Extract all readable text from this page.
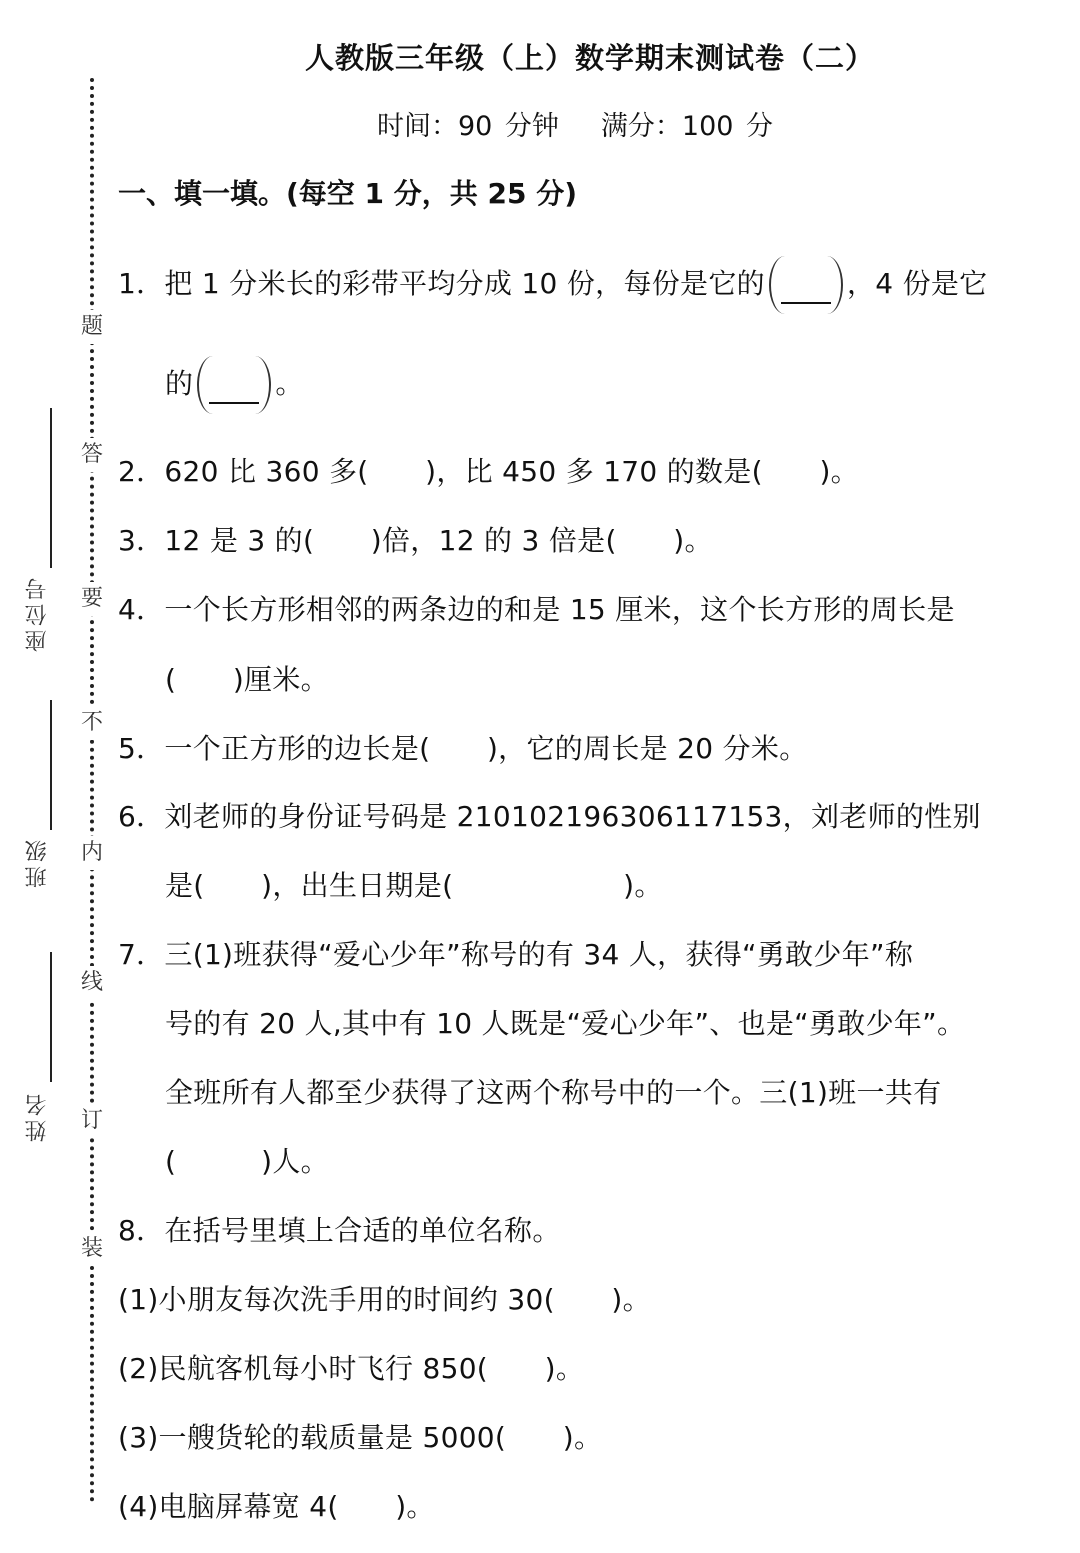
题
答
要
不
内
线
订
装
座位号
班级
姓名
人教版三年级（上）数学期末测试卷（二）
时间：90 分钟 满分：100 分
一、填一填。(每空 1 分，共 25 分)
1．把 1 分米长的彩带平均分成 10 份，每份是它的	，4 份是它
的	。
2．620 比 360 多(　　)，比 450 多 170 的数是(　　)。
3．12 是 3 的(　　)倍，12 的 3 倍是(　　)。
4．一个长方形相邻的两条边的和是 15 厘米，这个长方形的周长是
(　　)厘米。
5．一个正方形的边长是(　　)，它的周长是 20 分米。
6．刘老师的身份证号码是 210102196306117153，刘老师的性别
是(　　)，出生日期是(　　　　　　)。
7．三(1)班获得“爱心少年”称号的有 34 人，获得“勇敢少年”称
号的有 20 人,其中有 10 人既是“爱心少年”、也是“勇敢少年”。
全班所有人都至少获得了这两个称号中的一个。三(1)班一共有
(　　　)人。
8．在括号里填上合适的单位名称。
(1)小朋友每次洗手用的时间约 30(　　)。
(2)民航客机每小时飞行 850(　　)。
(3)一艘货轮的载质量是 5000(　　)。
(4)电脑屏幕宽 4(　　)。
